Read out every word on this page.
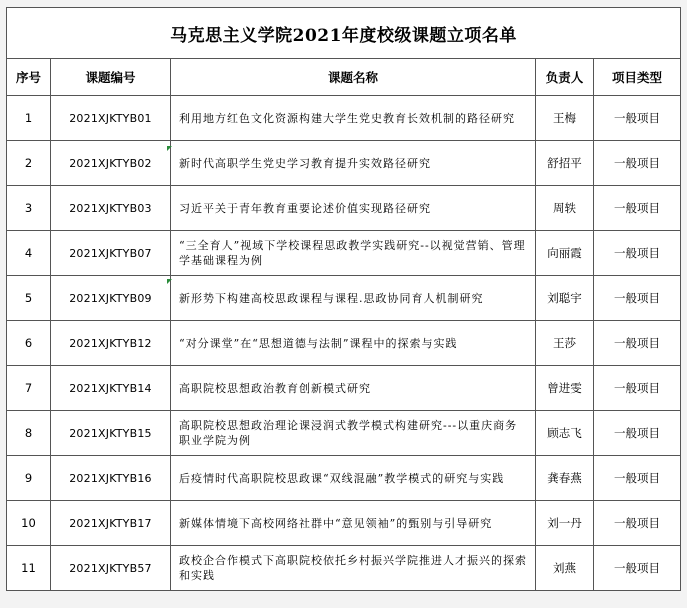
马克思主义学院2021年度校级课题立项名单				
序号	课题编号	课题名称	负责人	项目类型
1	2021XJKTYB01	利用地方红色文化资源构建大学生党史教育长效机制的路径研究	王梅	一般项目
2	2021XJKTYB02	新时代高职学生党史学习教育提升实效路径研究	舒招平	一般项目
3	2021XJKTYB03	习近平关于青年教育重要论述价值实现路径研究	周轶	一般项目
4	2021XJKTYB07	“三全育人”视域下学校课程思政教学实践研究--以视觉营销、管理学基础课程为例	向丽霞	一般项目
5	2021XJKTYB09	新形势下构建高校思政课程与课程.思政协同育人机制研究	刘聪宇	一般项目
6	2021XJKTYB12	“对分课堂”在“思想道德与法制”课程中的探索与实践	王莎	一般项目
7	2021XJKTYB14	高职院校思想政治教育创新模式研究	曾进雯	一般项目
8	2021XJKTYB15	高职院校思想政治理论课浸润式教学模式构建研究---以重庆商务职业学院为例	顾志飞	一般项目
9	2021XJKTYB16	后疫情时代高职院校思政课“双线混融”教学模式的研究与实践	龚春燕	一般项目
10	2021XJKTYB17	新媒体情境下高校网络社群中“意见领袖”的甄别与引导研究	刘一丹	一般项目
11	2021XJKTYB57	政校企合作模式下高职院校依托乡村振兴学院推进人才振兴的探索和实践	刘燕	一般项目
